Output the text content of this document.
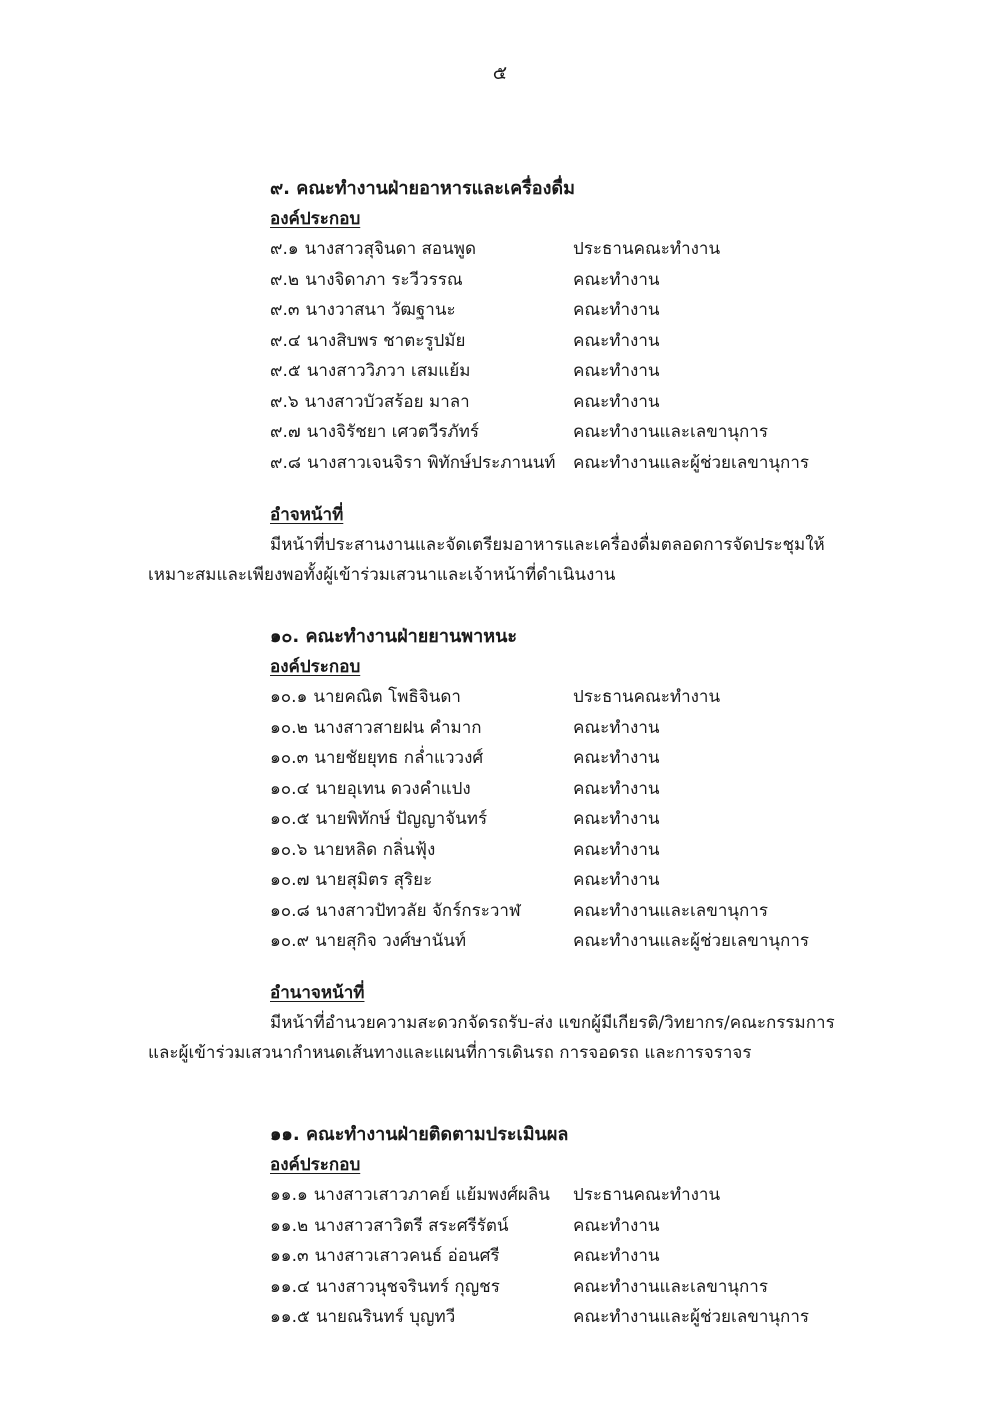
๕
๙. คณะทำงานฝ่ายอาหารและเครื่องดื่ม
องค์ประกอบ
๙.๑ นางสาวสุจินดา สอนพูด	ประธานคณะทำงาน
๙.๒ นางจิดาภา ระวีวรรณ	คณะทำงาน
๙.๓ นางวาสนา วัฒฐานะ	คณะทำงาน
๙.๔ นางสิบพร ชาตะรูปมัย	คณะทำงาน
๙.๕ นางสาววิภวา เสมแย้ม	คณะทำงาน
๙.๖ นางสาวบัวสร้อย มาลา	คณะทำงาน
๙.๗ นางจิรัชยา เศวตวีรภัทร์	คณะทำงานและเลขานุการ
๙.๘ นางสาวเจนจิรา พิทักษ์ประภานนท์ คณะทำงานและผู้ช่วยเลขานุการ
อำจหน้าที่

มีหน้าที่ประสานงานและจัดเตรียมอาหารและเครื่องดื่มตลอดการจัดประชุมให้เหมาะสมและเพียงพอทั้งผู้เข้าร่วมเสวนาและเจ้าหน้าที่ดำเนินงาน

๑๐. คณะทำงานฝ่ายยานพาหนะ
องค์ประกอบ
๑๐.๑ นายคณิต โพธิจินดา	ประธานคณะทำงาน
๑๐.๒ นางสาวสายฝน คำมาก	คณะทำงาน
๑๐.๓ นายชัยยุทธ กล่ำแววงศ์	คณะทำงาน
๑๐.๔ นายอุเทน ดวงคำแปง	คณะทำงาน
๑๐.๕ นายพิทักษ์ ปัญญาจันทร์	คณะทำงาน
๑๐.๖ นายหลิด กลิ่นฟุ้ง	คณะทำงาน
๑๐.๗ นายสุมิตร สุริยะ	คณะทำงาน
๑๐.๘ นางสาวปัทวลัย จักร์กระวาฬ	คณะทำงานและเลขานุการ
๑๐.๙ นายสุกิจ วงศ์ษานันท์	คณะทำงานและผู้ช่วยเลขานุการ
อำนาจหน้าที่

มีหน้าที่อำนวยความสะดวกจัดรถรับ-ส่ง แขกผู้มีเกียรติ/วิทยากร/คณะกรรมการ และผู้เข้าร่วมเสวนากำหนดเส้นทางและแผนที่การเดินรถ การจอดรถ และการจราจร

๑๑. คณะทำงานฝ่ายติดตามประเมินผล
องค์ประกอบ
๑๑.๑ นางสาวเสาวภาคย์ แย้มพงศ์ผลิน ประธานคณะทำงาน
๑๑.๒ นางสาวสาวิตรี สระศรีรัตน์	คณะทำงาน
๑๑.๓ นางสาวเสาวคนธ์ อ่อนศรี	คณะทำงาน
๑๑.๔ นางสาวนุชจรินทร์ กุญชร	คณะทำงานและเลขานุการ
๑๑.๕ นายณรินทร์ บุญทวี	คณะทำงานและผู้ช่วยเลขานุการ
